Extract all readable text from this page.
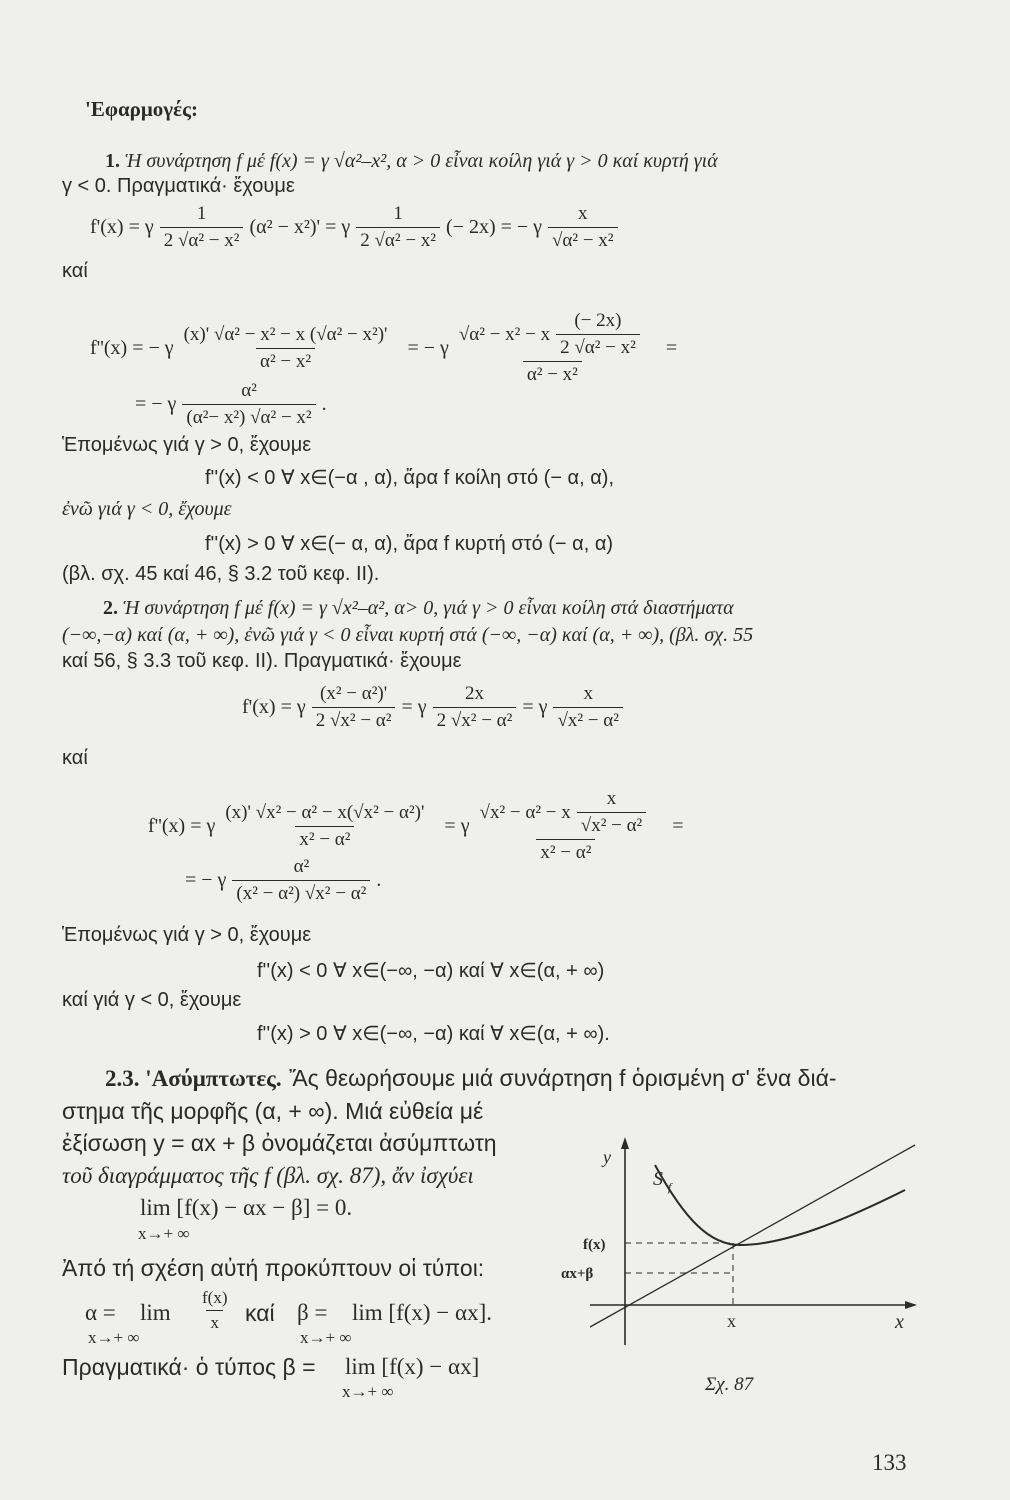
'Εφαρμογές:
1. Ἡ συνάρτηση f μέ f(x) = γ √α²–x², α > 0 εἶναι κοίλη γιά γ > 0 καί κυρτή γιά
γ < 0. Πραγματικά· ἔχουμε
f'(x) = γ $\frac{1}{\text{2 √α² − x²}} (\alpha^2 - x^2)' = \gamma \frac{1}{\text{2 √α² − x²}}$ (− 2x) = − γ $\frac{x}{\text{√α² − x²}}$
καί
f''(x) = − γ $\frac{\text{(x)' √α² − x² − x (√α² − x²)'}}{\text{α² − x²}}$ = − γ $\frac{√\alpha^2 - x^2 - x \frac{(- 2x)}{\text{2 √α² − x²}}}{\text{α² − x²}}$ =
= − γ $\frac{\text{α²}}{\text{(α²− x²) √α² − x²}}$ .
Ἑπομένως γιά γ > 0, ἔχουμε
f''(x) < 0 ∀ x∈(−α , α), ἄρα f κοίλη στό (− α, α),
ἐνῶ γιά γ < 0, ἔχουμε
f''(x) > 0 ∀ x∈(− α, α), ἄρα f κυρτή στό (− α, α)
(βλ. σχ. 45 καί 46, § 3.2 τοῦ κεφ. II).
2. Ἡ συνάρτηση f μέ f(x) = γ √x²–α², α> 0, γιά γ > 0 εἶναι κοίλη στά διαστήματα
(−∞,−α) καί (α, + ∞), ἐνῶ γιά γ < 0 εἶναι κυρτή στά (−∞, −α) καί (α, + ∞), (βλ. σχ. 55
καί 56, § 3.3 τοῦ κεφ. II). Πραγματικά· ἔχουμε
f'(x) = γ $\frac{\text{(x² − α²)'}}{\text{2 √x² − α²}} = \gamma \frac{2x}{\text{2 √x² − α²}} = \gamma \frac{x}{\text{√x² − α²}}$
καί
f''(x) = γ $\frac{\text{(x)' √x² − α² − x(√x² − α²)'}}{\text{x² − α²}} = \gamma \frac{√x^2 - \alpha^2 - x \frac{x}{\text{√x² − α²}}}{\text{x² − α²}}$ =
= − γ $\frac{\text{α²}}{\text{(x² − α²) √x² − α²}}$ .
Ἑπομένως γιά γ > 0, ἔχουμε
f''(x) < 0 ∀ x∈(−∞, −α) καί ∀ x∈(α, + ∞)
καί γιά γ < 0, ἔχουμε
f''(x) > 0 ∀ x∈(−∞, −α) καί ∀ x∈(α, + ∞).
2.3. 'Ασύμπτωτες. Ἄς θεωρήσουμε μιά συνάρτηση f ὁρισμένη σ' ἕνα διά-
στημα τῆς μορφῆς (α, + ∞). Μιά εὐθεία μέ
ἐξίσωση y = αx + β ὀνομάζεται ἀσύμπτωτη
τοῦ διαγράμματος τῆς f (βλ. σχ. 87), ἄν ἰσχύει
lim [f(x) − αx − β] = 0.
x→+ ∞
Ἀπό τή σχέση αὐτή προκύπτουν οἱ τύποι:
α = lim
x→+ ∞
$\frac{f(x)}{x}$ καί β = lim [f(x) − αx].
x→+ ∞
Πραγματικά· ὁ τύπος β = lim [f(x) − αx]
x→+ ∞
y
S f
f(x)
αx+β
x	x
Σχ. 87
133
